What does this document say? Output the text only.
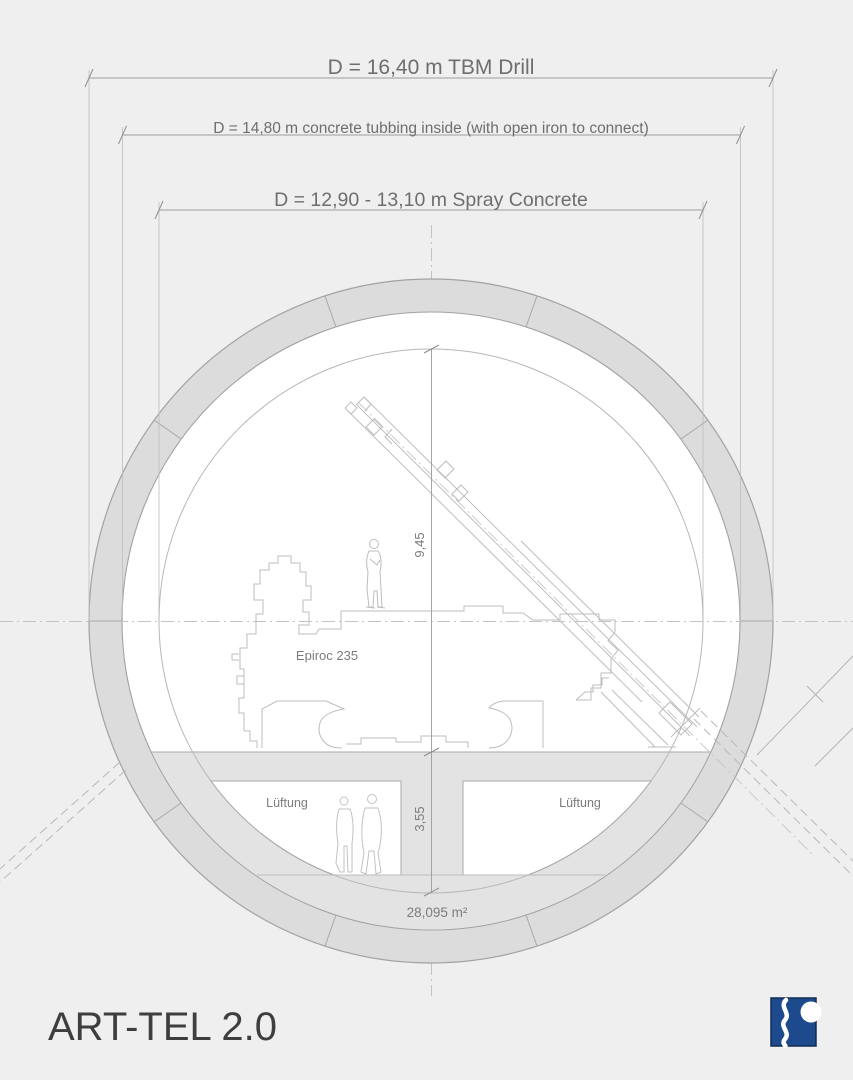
D = 16,40 m TBM Drill
D = 14,80 m concrete tubbing inside (with open iron to connect)
D = 12,90 - 13,10 m Spray Concrete
9,45
3,55
Epiroc 235
Lüftung	Lüftung
28,095 m²
ART-TEL 2.0
